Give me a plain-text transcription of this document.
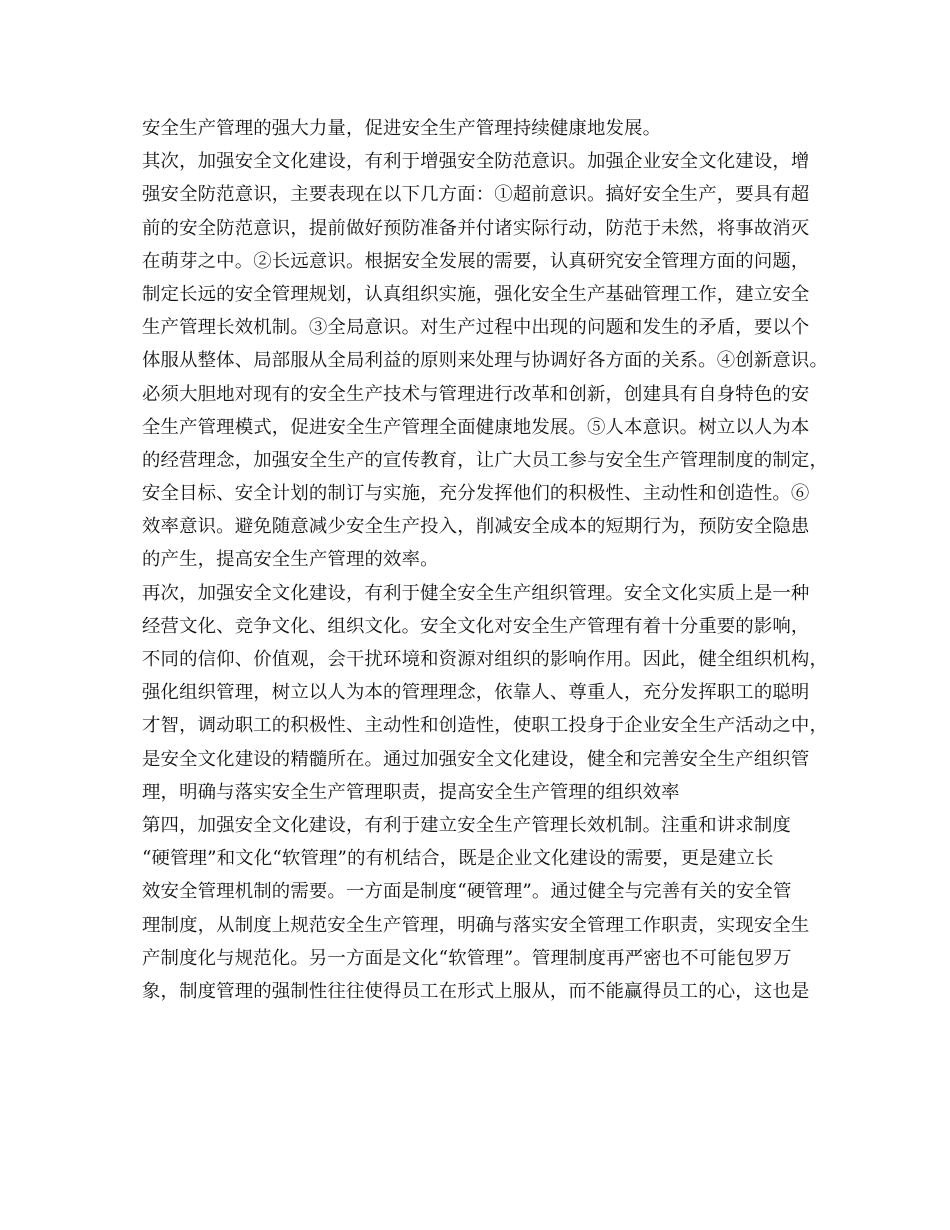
安全生产管理的强大力量，促进安全生产管理持续健康地发展。
其次，加强安全文化建设，有利于增强安全防范意识。加强企业安全文化建设，增
强安全防范意识，主要表现在以下几方面：①超前意识。搞好安全生产，要具有超
前的安全防范意识，提前做好预防准备并付诸实际行动，防范于未然，将事故消灭
在萌芽之中。②长远意识。根据安全发展的需要，认真研究安全管理方面的问题，
制定长远的安全管理规划，认真组织实施，强化安全生产基础管理工作，建立安全
生产管理长效机制。③全局意识。对生产过程中出现的问题和发生的矛盾，要以个
体服从整体、局部服从全局利益的原则来处理与协调好各方面的关系。④创新意识。
必须大胆地对现有的安全生产技术与管理进行改革和创新，创建具有自身特色的安
全生产管理模式，促进安全生产管理全面健康地发展。⑤人本意识。树立以人为本
的经营理念，加强安全生产的宣传教育，让广大员工参与安全生产管理制度的制定，
安全目标、安全计划的制订与实施，充分发挥他们的积极性、主动性和创造性。⑥
效率意识。避免随意减少安全生产投入，削减安全成本的短期行为，预防安全隐患
的产生，提高安全生产管理的效率。
再次，加强安全文化建设，有利于健全安全生产组织管理。安全文化实质上是一种
经营文化、竞争文化、组织文化。安全文化对安全生产管理有着十分重要的影响，
不同的信仰、价值观，会干扰环境和资源对组织的影响作用。因此，健全组织机构，
强化组织管理，树立以人为本的管理理念，依靠人、尊重人，充分发挥职工的聪明
才智，调动职工的积极性、主动性和创造性，使职工投身于企业安全生产活动之中，
是安全文化建设的精髓所在。通过加强安全文化建设，健全和完善安全生产组织管
理，明确与落实安全生产管理职责，提高安全生产管理的组织效率
第四，加强安全文化建设，有利于建立安全生产管理长效机制。注重和讲求制度
“硬管理”和文化“软管理”的有机结合，既是企业文化建设的需要，更是建立长
效安全管理机制的需要。一方面是制度“硬管理”。通过健全与完善有关的安全管
理制度，从制度上规范安全生产管理，明确与落实安全管理工作职责，实现安全生
产制度化与规范化。另一方面是文化“软管理”。管理制度再严密也不可能包罗万
象，制度管理的强制性往往使得员工在形式上服从，而不能赢得员工的心，这也是
